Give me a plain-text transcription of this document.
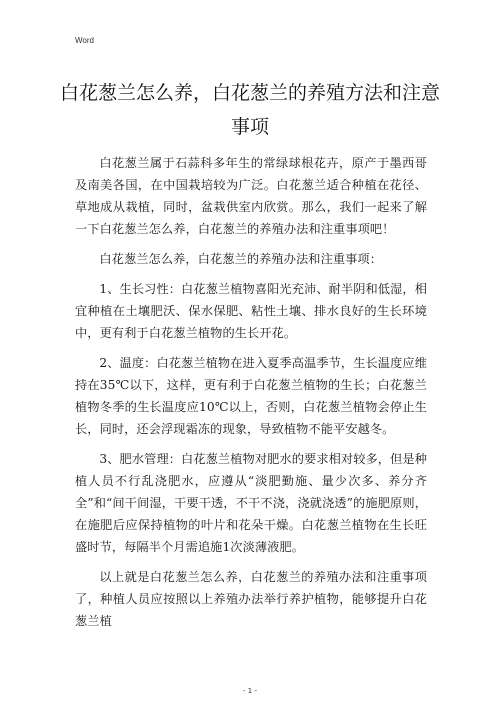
Word
白花葱兰怎么养，白花葱兰的养殖方法和注意事项

白花葱兰属于石蒜科多年生的常绿球根花卉，原产于墨西哥及南美各国，在中国栽培较为广泛。白花葱兰适合种植在花径、草地成从栽植，同时，盆栽供室内欣赏。那么，我们一起来了解一下白花葱兰怎么养，白花葱兰的养殖办法和注重事项吧！

白花葱兰怎么养，白花葱兰的养殖办法和注重事项：

1、生长习性：白花葱兰植物喜阳光充沛、耐半阴和低湿，相宜种植在土壤肥沃、保水保肥、粘性土壤、排水良好的生长环境中，更有利于白花葱兰植物的生长开花。

2、温度：白花葱兰植物在进入夏季高温季节，生长温度应维持在35℃以下，这样，更有利于白花葱兰植物的生长；白花葱兰植物冬季的生长温度应10℃以上，否则，白花葱兰植物会停止生长，同时，还会浮现霜冻的现象，导致植物不能平安越冬。

3、肥水管理：白花葱兰植物对肥水的要求相对较多，但是种植人员不行乱浇肥水，应遵从“淡肥勤施、量少次多、养分齐全”和“间干间湿，干要干透，不干不浇，浇就浇透”的施肥原则，在施肥后应保持植物的叶片和花朵干燥。白花葱兰植物在生长旺盛时节，每隔半个月需追施1次淡薄液肥。

以上就是白花葱兰怎么养，白花葱兰的养殖办法和注重事项了，种植人员应按照以上养殖办法举行养护植物，能够提升白花葱兰植

- 1 -
